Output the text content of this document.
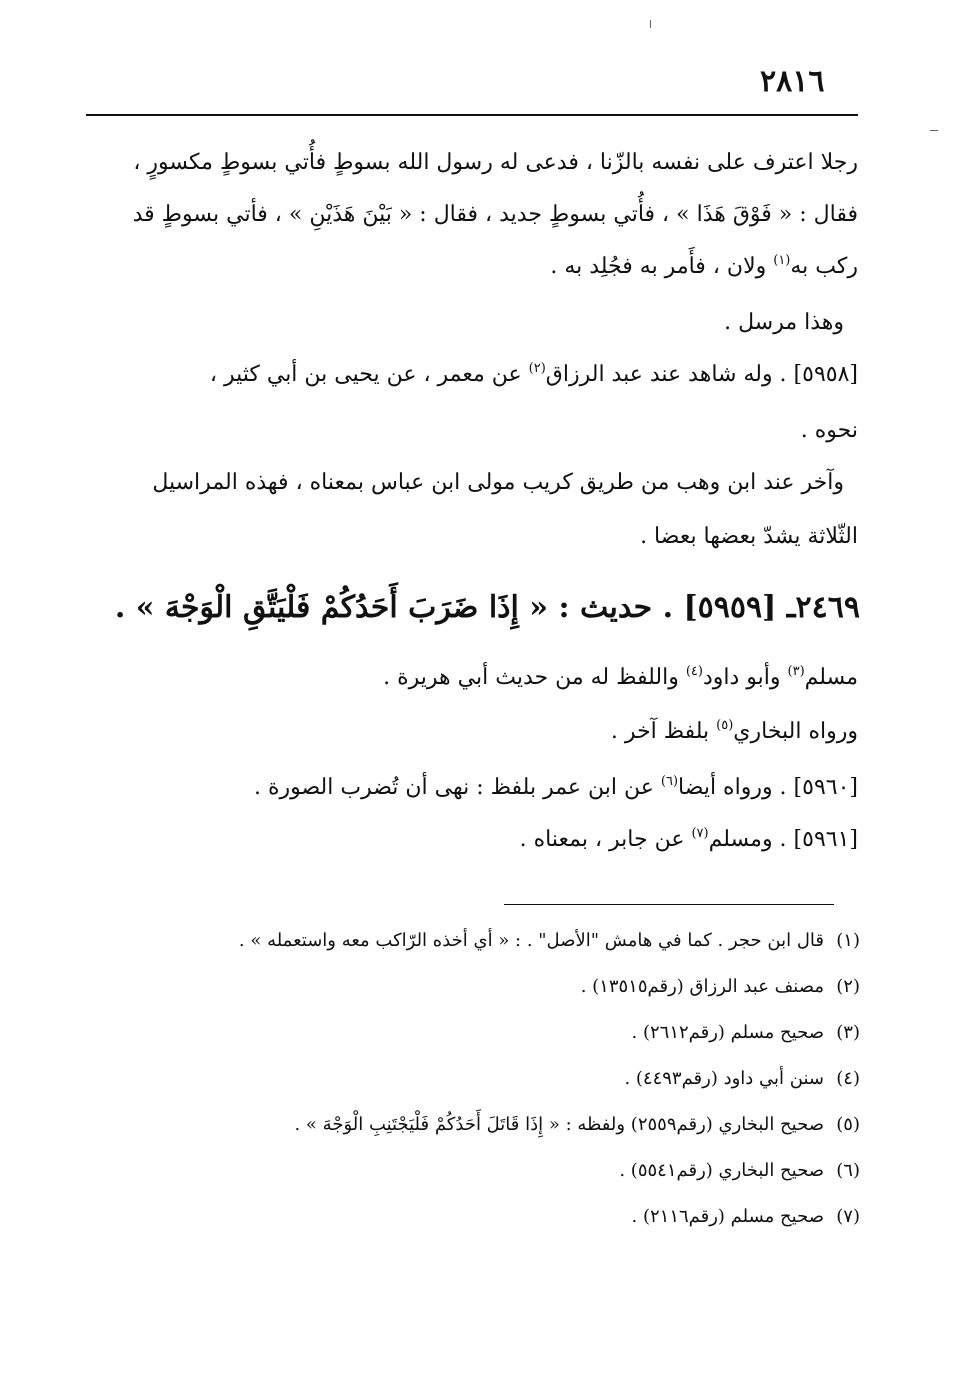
٢٨١٦
رجلا اعترف على نفسه بالزّنا ، فدعى له رسول الله بسوطٍ فأُتي بسوطٍ مكسورٍ ،
فقال : « فَوْقَ هَذَا » ، فأُتي بسوطٍ جديد ، فقال : « بَيْنَ هَذَيْنِ » ، فأتي بسوطٍ قد
ركب به$^{(١)}$ ولان ، فأَمر به فجُلِد به .
وهذا مرسل .
[٥٩٥٨] . وله شاهد عند عبد الرزاق$^{(٢)}$ عن معمر ، عن يحيى بن أبي كثير ،
نحوه .
وآخر عند ابن وهب من طريق كريب مولى ابن عباس بمعناه ، فهذه المراسيل
الثّلاثة يشدّ بعضها بعضا .
٢٤٦٩ـ [٥٩٥٩] . حديث : « إِذَا ضَرَبَ أَحَدُكُمْ فَلْيَتَّقِ الْوَجْهَ » .
مسلم$^{(٣)}$ وأبو داود$^{(٤)}$ واللفظ له من حديث أبي هريرة .
ورواه البخاري$^{(٥)}$ بلفظ آخر .
[٥٩٦٠] . ورواه أيضا$^{(٦)}$ عن ابن عمر بلفظ : نهى أن تُضرب الصورة .
[٥٩٦١] . ومسلم$^{(٧)}$ عن جابر ، بمعناه .
(١)قال ابن حجر . كما في هامش "الأصل" . : « أي أخذه الرّاكب معه واستعمله » .
(٢)مصنف عبد الرزاق (رقم١٣٥١٥) .
(٣)صحيح مسلم (رقم٢٦١٢) .
(٤)سنن أبي داود (رقم٤٤٩٣) .
(٥)صحيح البخاري (رقم٢٥٥٩) ولفظه : « إِذَا قَاتَلَ أَحَدُكُمْ فَلْيَجْتَنِبِ الْوَجْهَ » .
(٦)صحيح البخاري (رقم٥٥٤١) .
(٧)صحيح مسلم (رقم٢١١٦) .
